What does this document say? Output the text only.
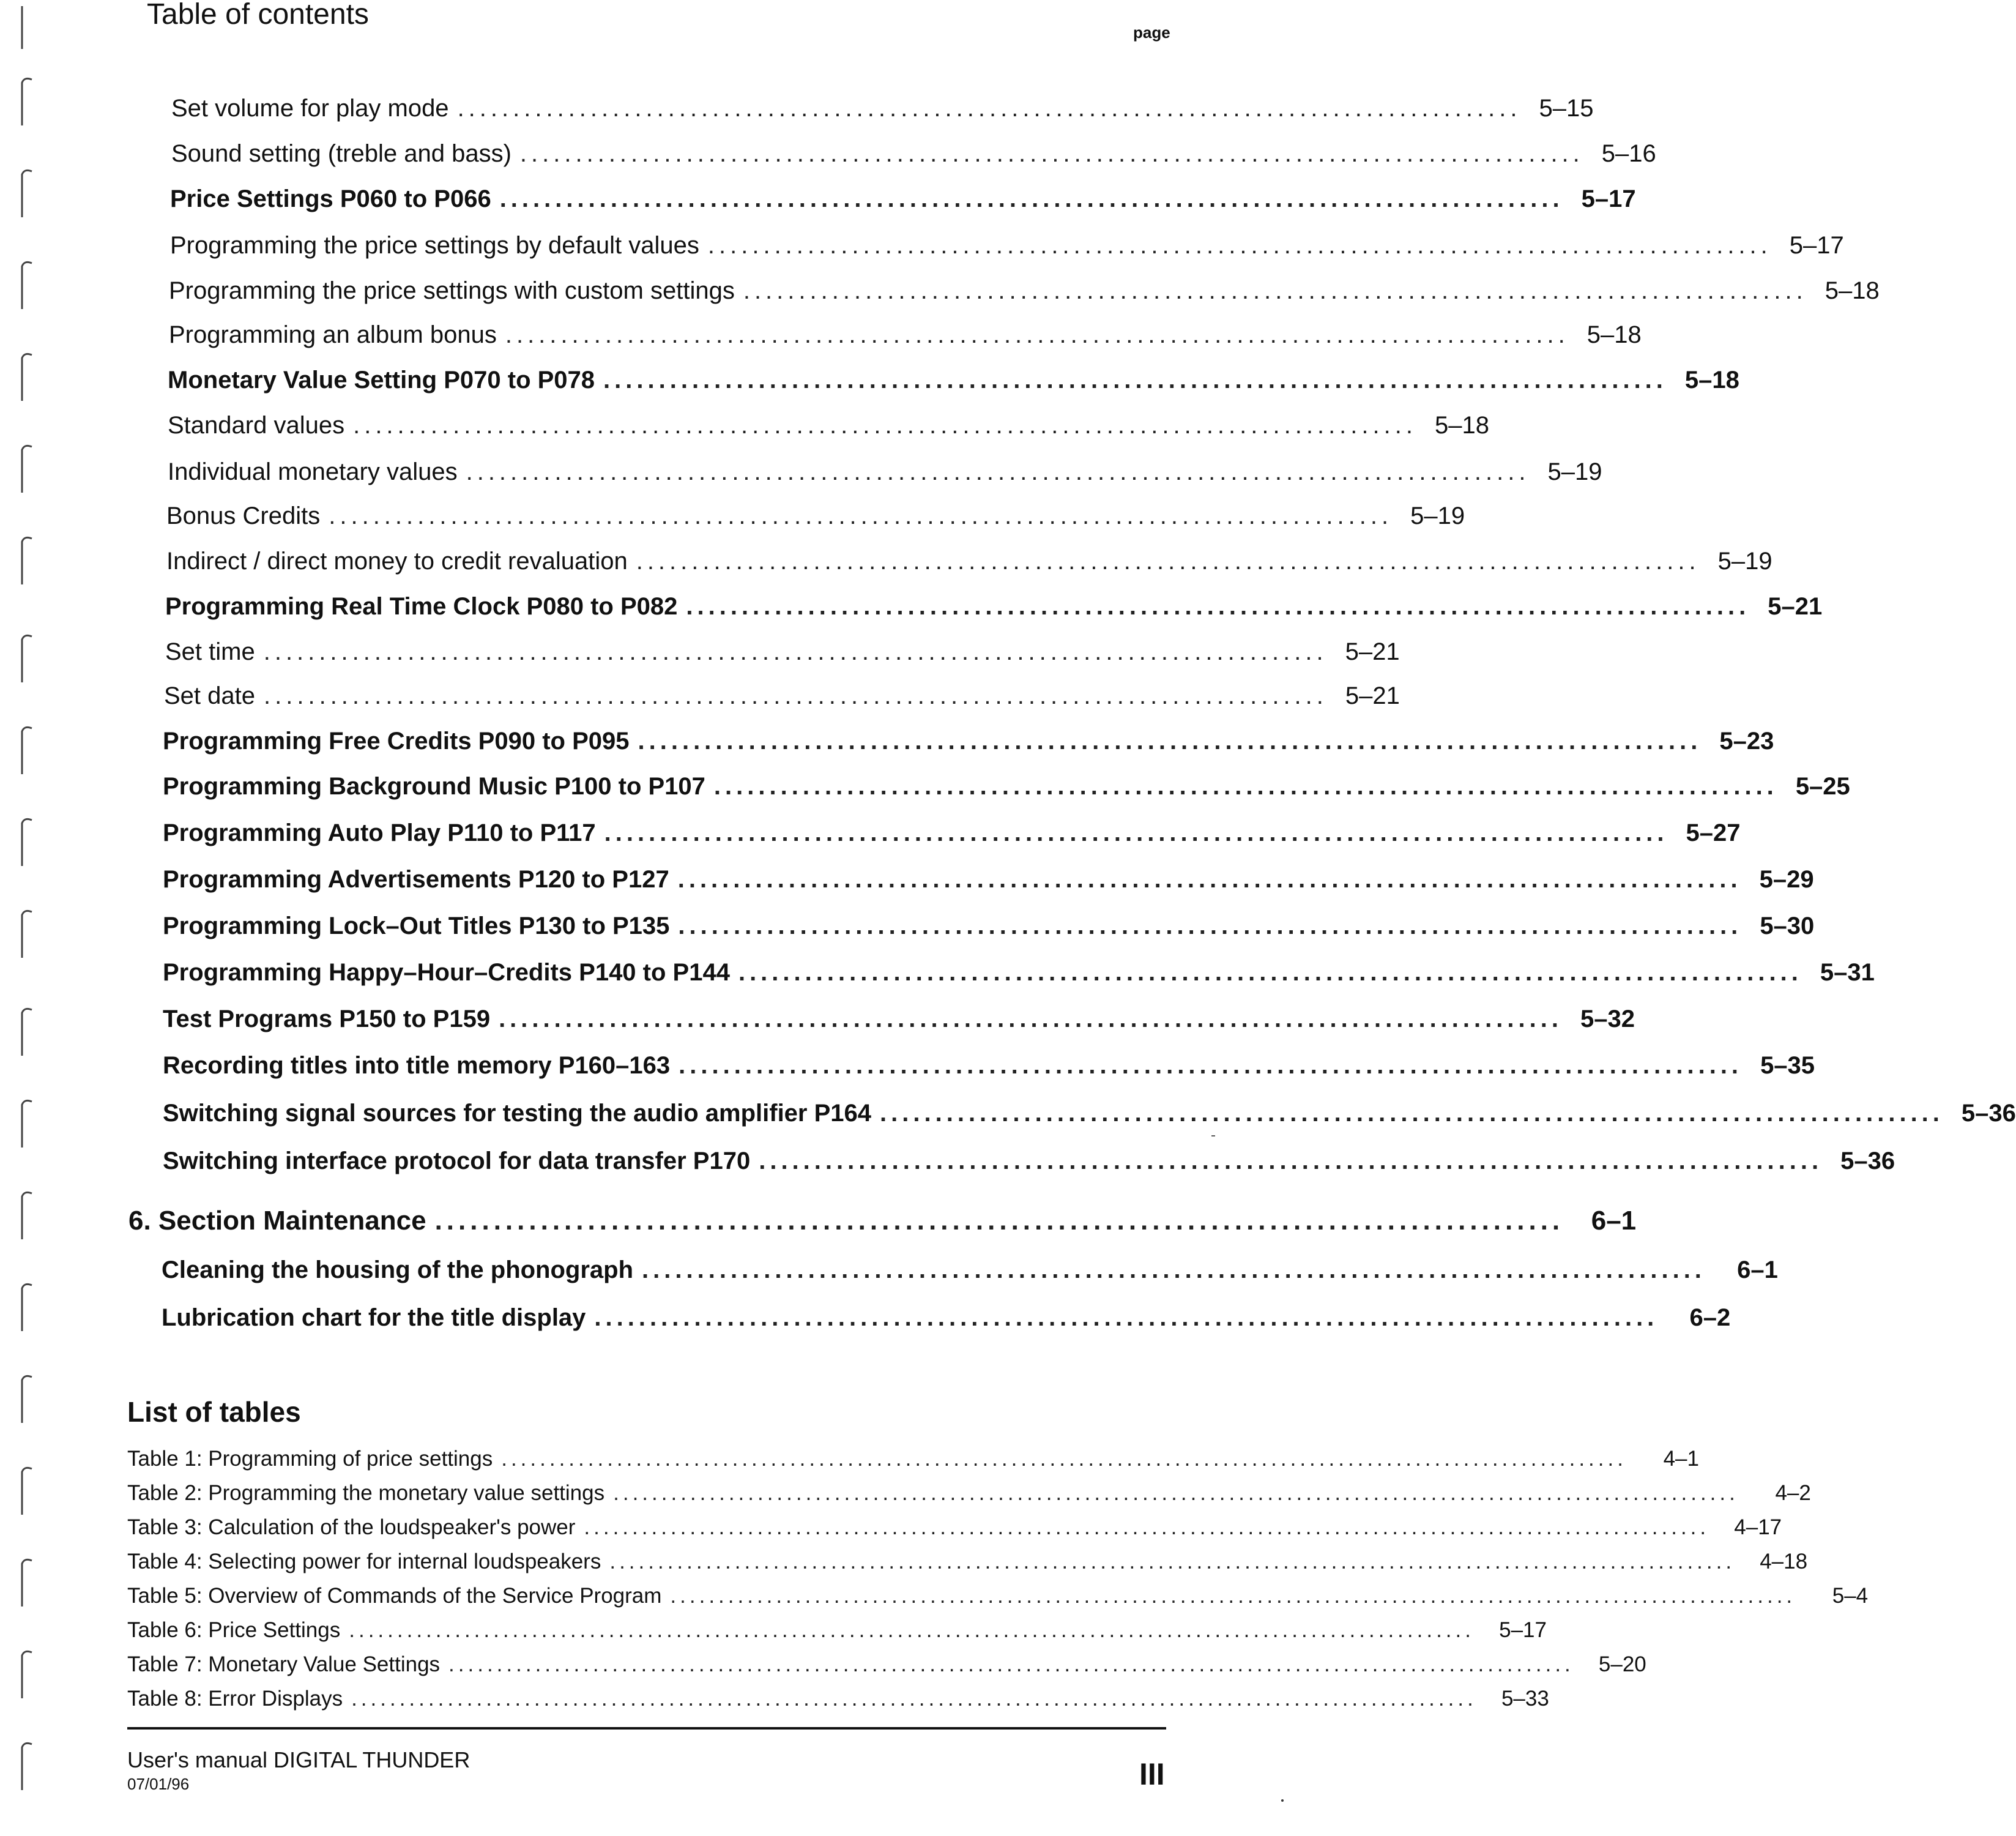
Table of contents
page
Set volume for play mode ................................................................................................ 5–15
Sound setting (treble and bass) ................................................................................................ 5–16
Price Settings P060 to P066 ................................................................................................ 5–17
Programming the price settings by default values ................................................................................................ 5–17
Programming the price settings with custom settings ................................................................................................ 5–18
Programming an album bonus ................................................................................................ 5–18
Monetary Value Setting P070 to P078 ................................................................................................ 5–18
Standard values ................................................................................................ 5–18
Individual monetary values ................................................................................................ 5–19
Bonus Credits ................................................................................................ 5–19
Indirect / direct money to credit revaluation ................................................................................................ 5–19
Programming Real Time Clock P080 to P082 ................................................................................................ 5–21
Set time ................................................................................................ 5–21
Set date ................................................................................................ 5–21
Programming Free Credits P090 to P095 ................................................................................................ 5–23
Programming Background Music P100 to P107 ................................................................................................ 5–25
Programming Auto Play P110 to P117 ................................................................................................ 5–27
Programming Advertisements P120 to P127 ................................................................................................ 5–29
Programming Lock–Out Titles P130 to P135 ................................................................................................ 5–30
Programming Happy–Hour–Credits P140 to P144 ................................................................................................ 5–31
Test Programs P150 to P159 ................................................................................................ 5–32
Recording titles into title memory P160–163 ................................................................................................ 5–35
Switching signal sources for testing the audio amplifier P164 ................................................................................................ 5–36
Switching interface protocol for data transfer P170 ................................................................................................ 5–36
6. Section Maintenance ................................................................................................	6–1
Cleaning the housing of the phonograph ................................................................................................	6–1
Lubrication chart for the title display ................................................................................................	6–2
List of tables
Table 1: Programming of price settings .....................................................................................................................	4–1
Table 2: Programming the monetary value settings .....................................................................................................................	4–2
Table 3: Calculation of the loudspeaker's power .....................................................................................................................	4–17
Table 4: Selecting power for internal loudspeakers .....................................................................................................................	4–18
Table 5: Overview of Commands of the Service Program .....................................................................................................................	5–4
Table 6: Price Settings .....................................................................................................................	5–17
Table 7: Monetary Value Settings .....................................................................................................................	5–20
Table 8: Error Displays .....................................................................................................................	5–33
User's manual DIGITAL THUNDER
07/01/96	III
